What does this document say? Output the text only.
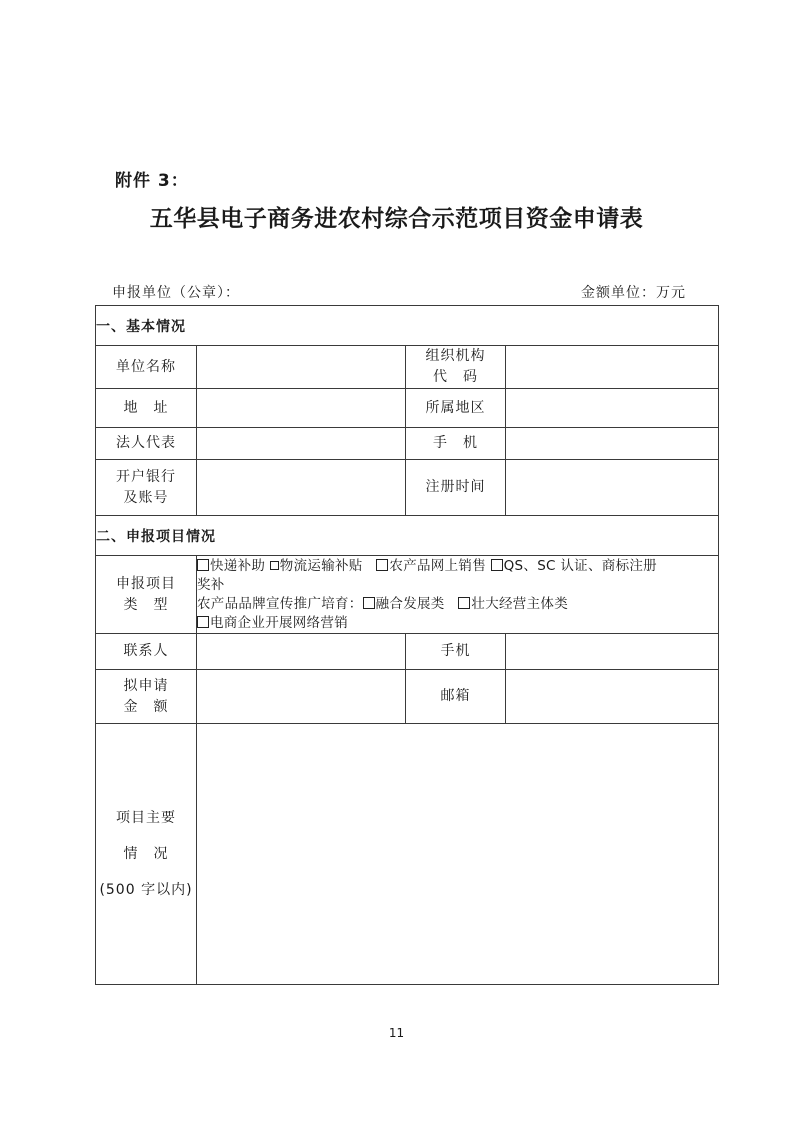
附件 3：
五华县电子商务进农村综合示范项目资金申请表
申报单位（公章）：	金额单位：万元
一、基本情况			
单位名称		组织机构
代　码	

地　址		所属地区	
法人代表		手　机	

开户银行
及账号		注册时间	
二、申报项目情况			

申报项目
类　型	快递补助 物流运输补贴 农产品网上销售 QS、SC 认证、商标注册
奖补
农产品品牌宣传推广培育： 融合发展类 壮大经营主体类
电商企业开展网络营销		

联系人		手机	

拟申请
金　额		邮箱	

项目主要
情　况
(500 字以内)			

11
